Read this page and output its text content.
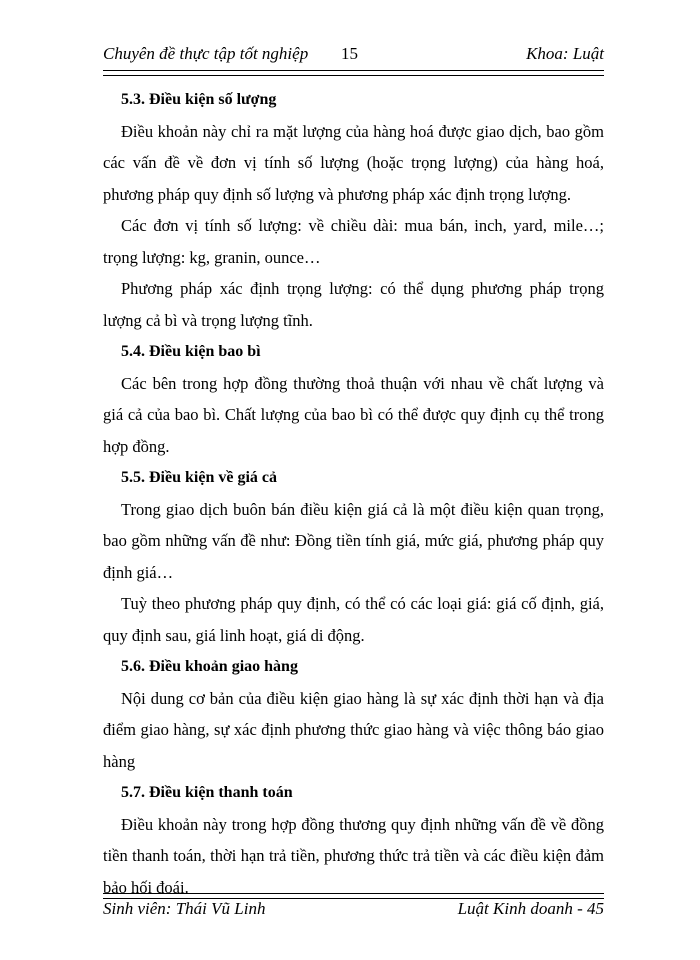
Chuyên đề thực tập tốt nghiệp 15	Khoa: Luật

5.3. Điều kiện số lượng

Điều khoản này chỉ ra mặt lượng của hàng hoá được giao dịch, bao gồm các vấn đề về đơn vị tính số lượng (hoặc trọng lượng) của hàng hoá, phương pháp quy định số lượng và phương pháp xác định trọng lượng.

Các đơn vị tính số lượng: về chiều dài: mua bán, inch, yard, mile…; trọng lượng: kg, granin, ounce…

Phương pháp xác định trọng lượng: có thể dụng phương pháp trọng lượng cả bì và trọng lượng tĩnh.

5.4. Điều kiện bao bì

Các bên trong hợp đồng thường thoả thuận với nhau về chất lượng và giá cả của bao bì. Chất lượng của bao bì có thể được quy định cụ thể trong hợp đồng.

5.5. Điều kiện về giá cả

Trong giao dịch buôn bán điều kiện giá cả là một điều kiện quan trọng, bao gồm những vấn đề như: Đồng tiền tính giá, mức giá, phương pháp quy định giá…

Tuỳ theo phương pháp quy định, có thể có các loại giá: giá cố định, giá, quy định sau, giá linh hoạt, giá di động.

5.6. Điều khoản giao hàng

Nội dung cơ bản của điều kiện giao hàng là sự xác định thời hạn và địa điểm giao hàng, sự xác định phương thức giao hàng và việc thông báo giao hàng

5.7. Điều kiện thanh toán

Điều khoản này trong hợp đồng thương quy định những vấn đề về đồng tiền thanh toán, thời hạn trả tiền, phương thức trả tiền và các điều kiện đảm bảo hối đoái.

Sinh viên: Thái Vũ Linh	Luật Kinh doanh - 45
